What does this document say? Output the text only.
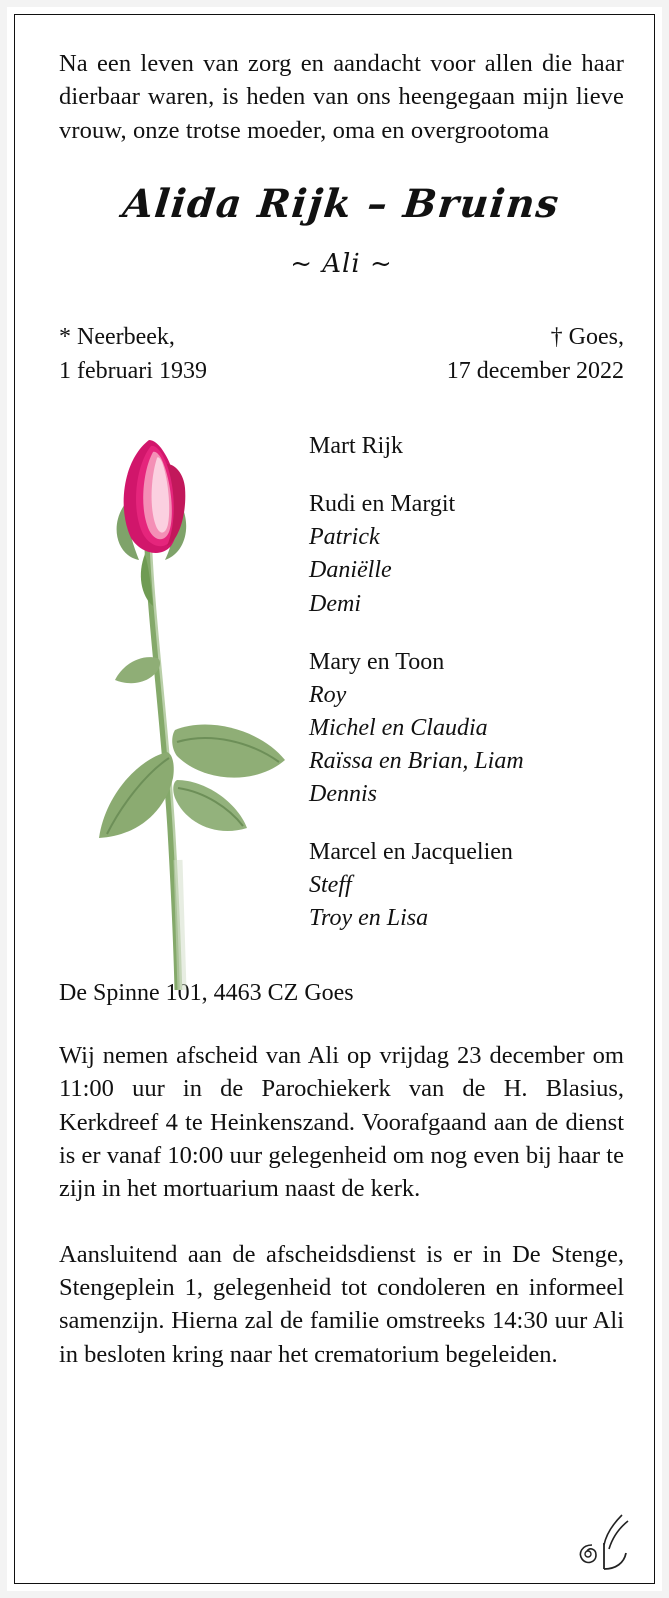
Na een leven van zorg en aandacht voor allen die haar dierbaar waren, is heden van ons heengegaan mijn lieve vrouw, onze trotse moeder, oma en overgrootoma

Alida Rijk – Bruins
~ Ali ~
* Neerbeek,
1 februari 1939
† Goes,
17 december 2022
Mart Rijk
Rudi en Margit
Patrick
Daniëlle
Demi
Mary en Toon
Roy
Michel en Claudia
Raïssa en Brian, Liam
Dennis
Marcel en Jacquelien
Steff
Troy en Lisa
De Spinne 101, 4463 CZ Goes

Wij nemen afscheid van Ali op vrijdag 23 december om 11:00 uur in de Parochiekerk van de H. Blasius, Kerkdreef 4 te Heinkenszand. Voorafgaand aan de dienst is er vanaf 10:00 uur gelegenheid om nog even bij haar te zijn in het mortuarium naast de kerk.

Aansluitend aan de afscheidsdienst is er in De Stenge, Stengeplein 1, gelegenheid tot condoleren en informeel samenzijn. Hierna zal de familie omstreeks 14:30 uur Ali in besloten kring naar het crematorium begeleiden.
